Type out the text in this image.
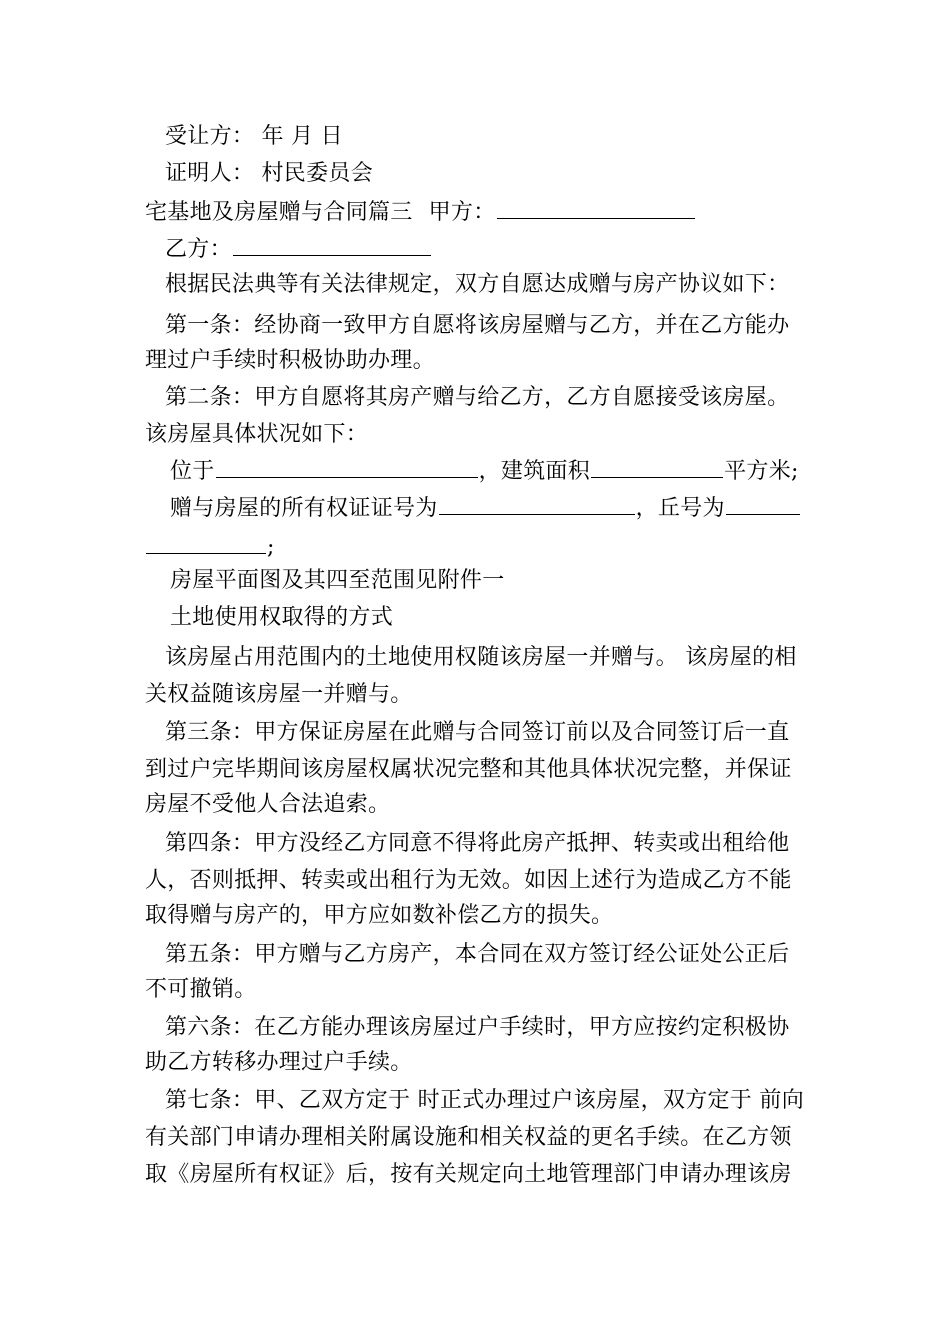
受让方： 年 月 日
证明人： 村民委员会
宅基地及房屋赠与合同篇三 甲方：
乙方：
根据民法典等有关法律规定，双方自愿达成赠与房产协议如下：
第一条：经协商一致甲方自愿将该房屋赠与乙方，并在乙方能办
理过户手续时积极协助办理。
第二条：甲方自愿将其房产赠与给乙方，乙方自愿接受该房屋。
该房屋具体状况如下：
位于	，建筑面积	平方米;
赠与房屋的所有权证证号为	，丘号为
;
房屋平面图及其四至范围见附件一
土地使用权取得的方式
该房屋占用范围内的土地使用权随该房屋一并赠与。 该房屋的相
关权益随该房屋一并赠与。
第三条：甲方保证房屋在此赠与合同签订前以及合同签订后一直
到过户完毕期间该房屋权属状况完整和其他具体状况完整，并保证
房屋不受他人合法追索。
第四条：甲方没经乙方同意不得将此房产抵押、转卖或出租给他
人，否则抵押、转卖或出租行为无效。如因上述行为造成乙方不能
取得赠与房产的，甲方应如数补偿乙方的损失。
第五条：甲方赠与乙方房产，本合同在双方签订经公证处公正后
不可撤销。
第六条：在乙方能办理该房屋过户手续时，甲方应按约定积极协
助乙方转移办理过户手续。
第七条：甲、乙双方定于 时正式办理过户该房屋，双方定于 前向
有关部门申请办理相关附属设施和相关权益的更名手续。在乙方领
取《房屋所有权证》后，按有关规定向土地管理部门申请办理该房
